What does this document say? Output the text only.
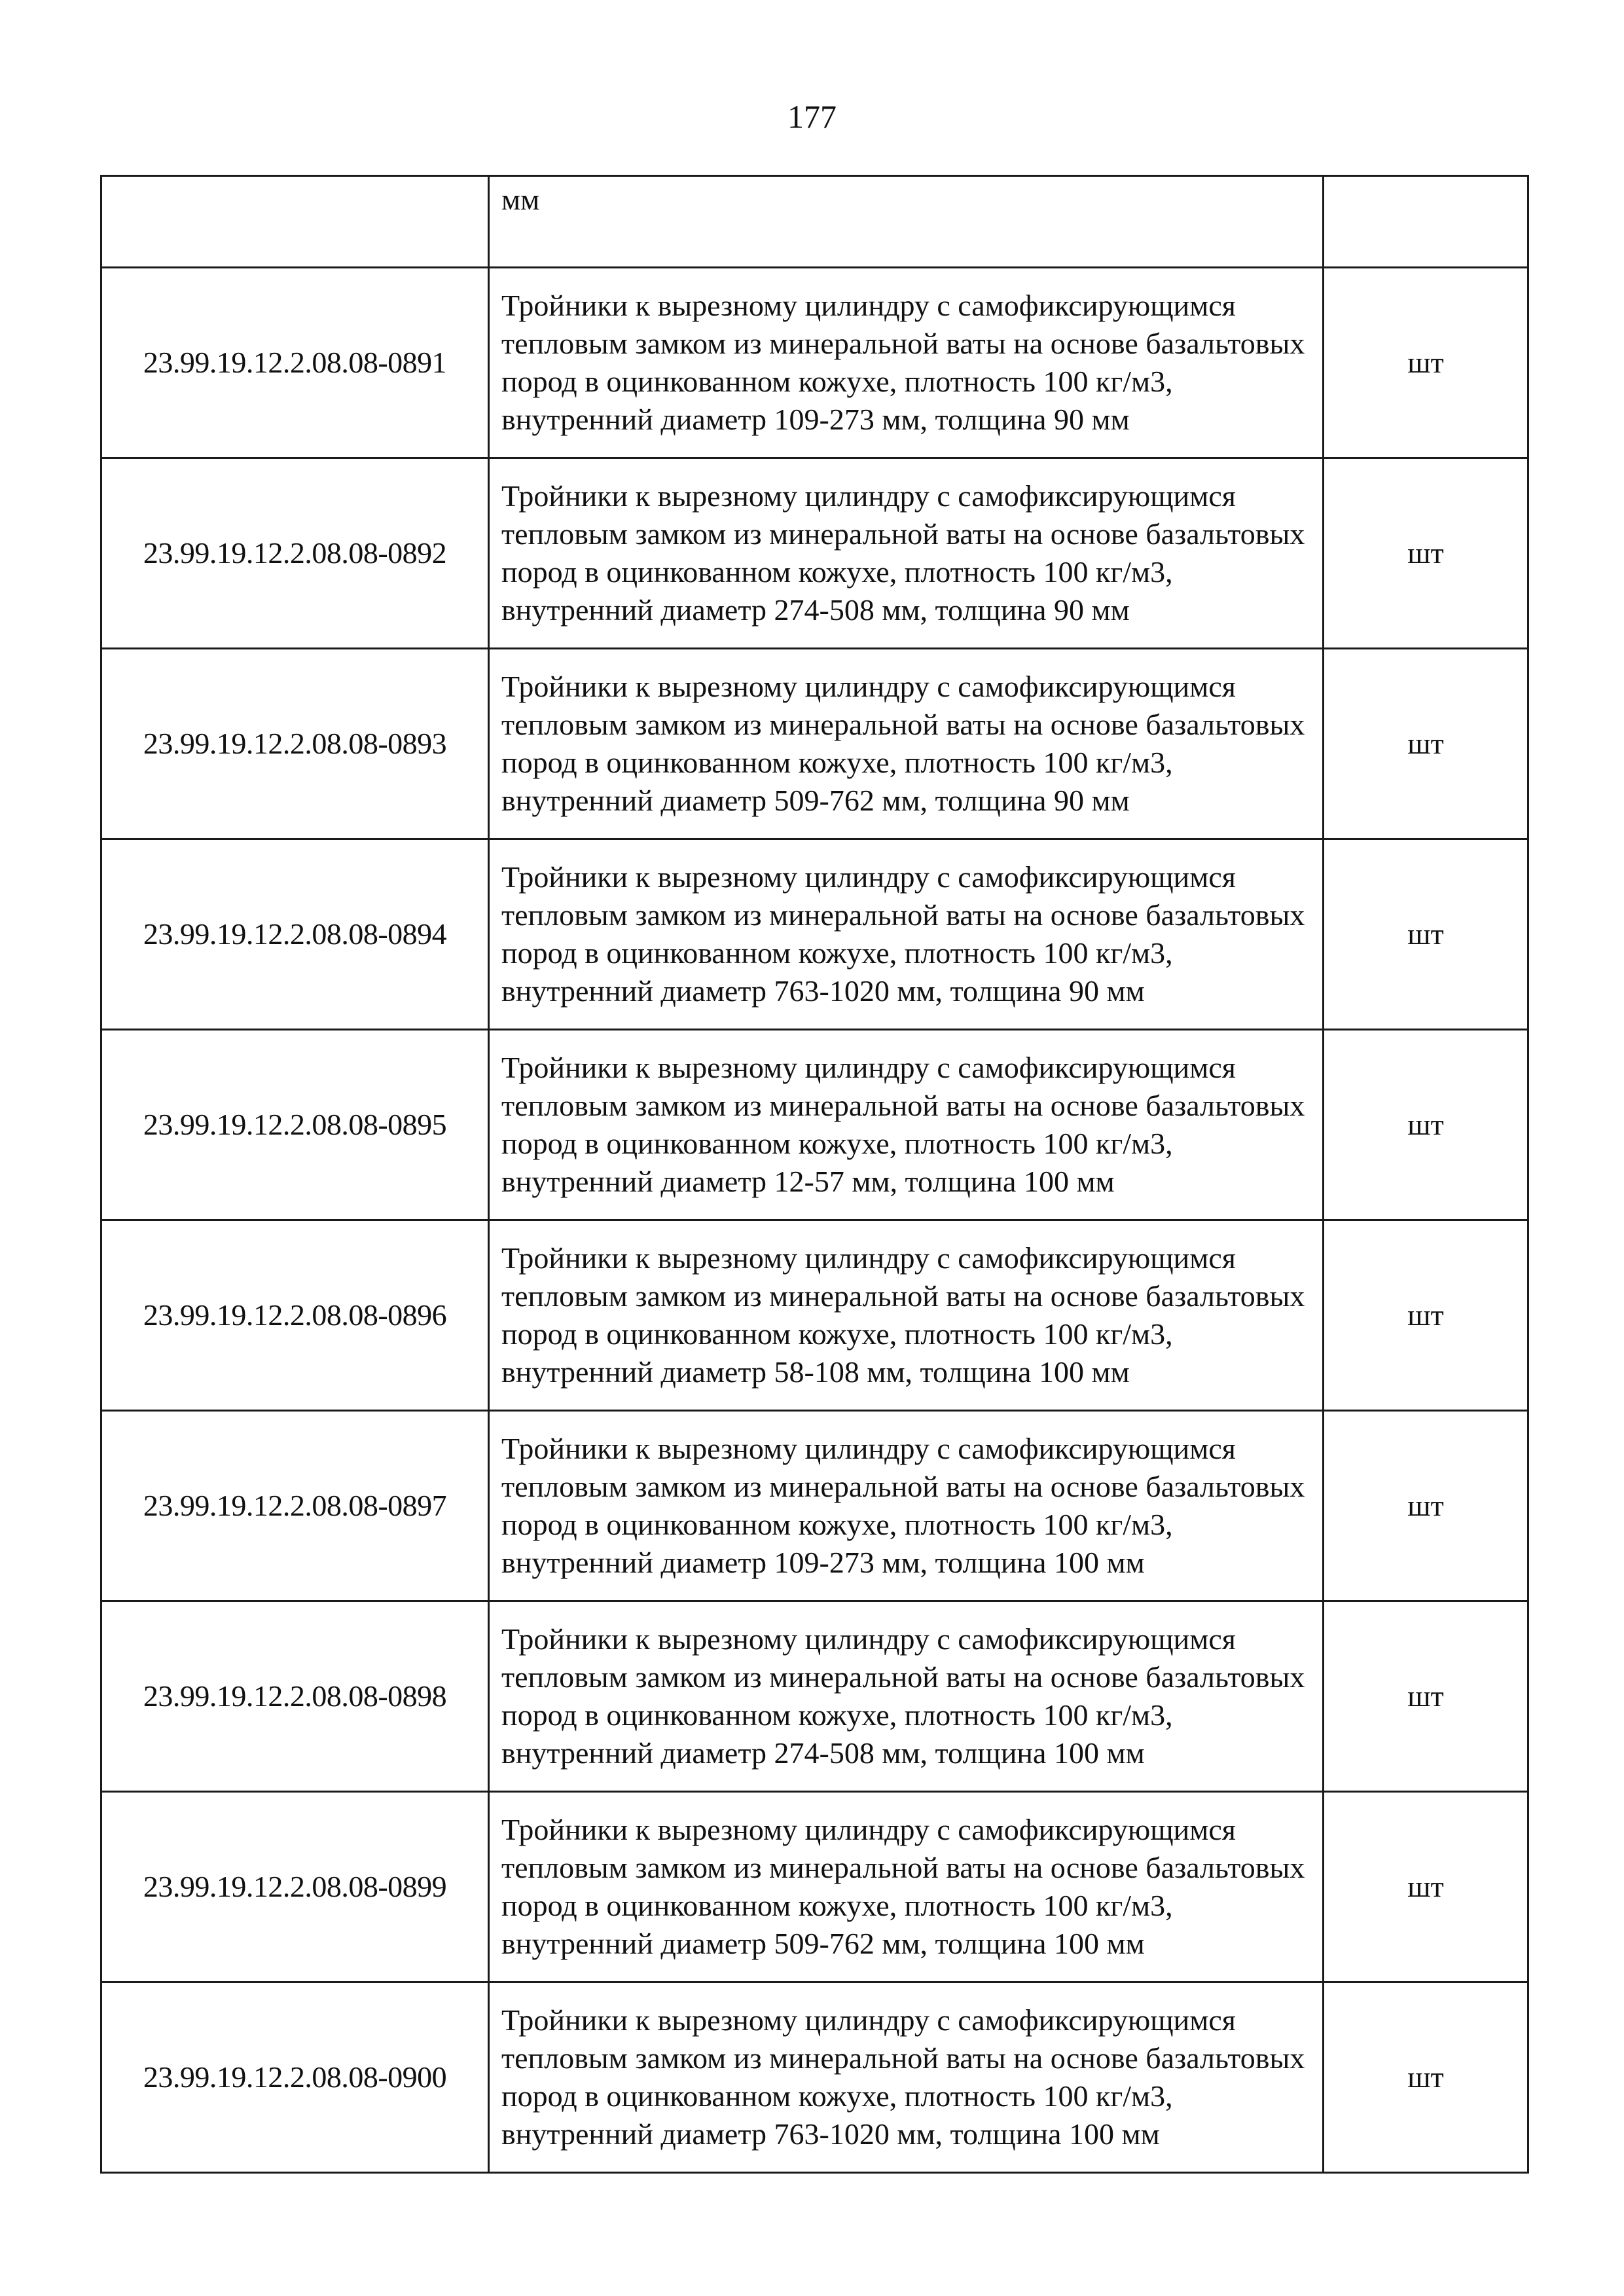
177
	мм	
23.99.19.12.2.08.08-0891	Тройники к вырезному цилиндру с самофиксирующимся тепловым замком из минеральной ваты на основе базальтовых пород в оцинкованном кожухе, плотность 100 кг/м3, внутренний диаметр 109-273 мм, толщина 90 мм	шт
23.99.19.12.2.08.08-0892	Тройники к вырезному цилиндру с самофиксирующимся тепловым замком из минеральной ваты на основе базальтовых пород в оцинкованном кожухе, плотность 100 кг/м3, внутренний диаметр 274-508 мм, толщина 90 мм	шт
23.99.19.12.2.08.08-0893	Тройники к вырезному цилиндру с самофиксирующимся тепловым замком из минеральной ваты на основе базальтовых пород в оцинкованном кожухе, плотность 100 кг/м3, внутренний диаметр 509-762 мм, толщина 90 мм	шт
23.99.19.12.2.08.08-0894	Тройники к вырезному цилиндру с самофиксирующимся тепловым замком из минеральной ваты на основе базальтовых пород в оцинкованном кожухе, плотность 100 кг/м3, внутренний диаметр 763-1020 мм, толщина 90 мм	шт
23.99.19.12.2.08.08-0895	Тройники к вырезному цилиндру с самофиксирующимся тепловым замком из минеральной ваты на основе базальтовых пород в оцинкованном кожухе, плотность 100 кг/м3, внутренний диаметр 12-57 мм, толщина 100 мм	шт
23.99.19.12.2.08.08-0896	Тройники к вырезному цилиндру с самофиксирующимся тепловым замком из минеральной ваты на основе базальтовых пород в оцинкованном кожухе, плотность 100 кг/м3, внутренний диаметр 58-108 мм, толщина 100 мм	шт
23.99.19.12.2.08.08-0897	Тройники к вырезному цилиндру с самофиксирующимся тепловым замком из минеральной ваты на основе базальтовых пород в оцинкованном кожухе, плотность 100 кг/м3, внутренний диаметр 109-273 мм, толщина 100 мм	шт
23.99.19.12.2.08.08-0898	Тройники к вырезному цилиндру с самофиксирующимся тепловым замком из минеральной ваты на основе базальтовых пород в оцинкованном кожухе, плотность 100 кг/м3, внутренний диаметр 274-508 мм, толщина 100 мм	шт
23.99.19.12.2.08.08-0899	Тройники к вырезному цилиндру с самофиксирующимся тепловым замком из минеральной ваты на основе базальтовых пород в оцинкованном кожухе, плотность 100 кг/м3, внутренний диаметр 509-762 мм, толщина 100 мм	шт
23.99.19.12.2.08.08-0900	Тройники к вырезному цилиндру с самофиксирующимся тепловым замком из минеральной ваты на основе базальтовых пород в оцинкованном кожухе, плотность 100 кг/м3, внутренний диаметр 763-1020 мм, толщина 100 мм	шт
